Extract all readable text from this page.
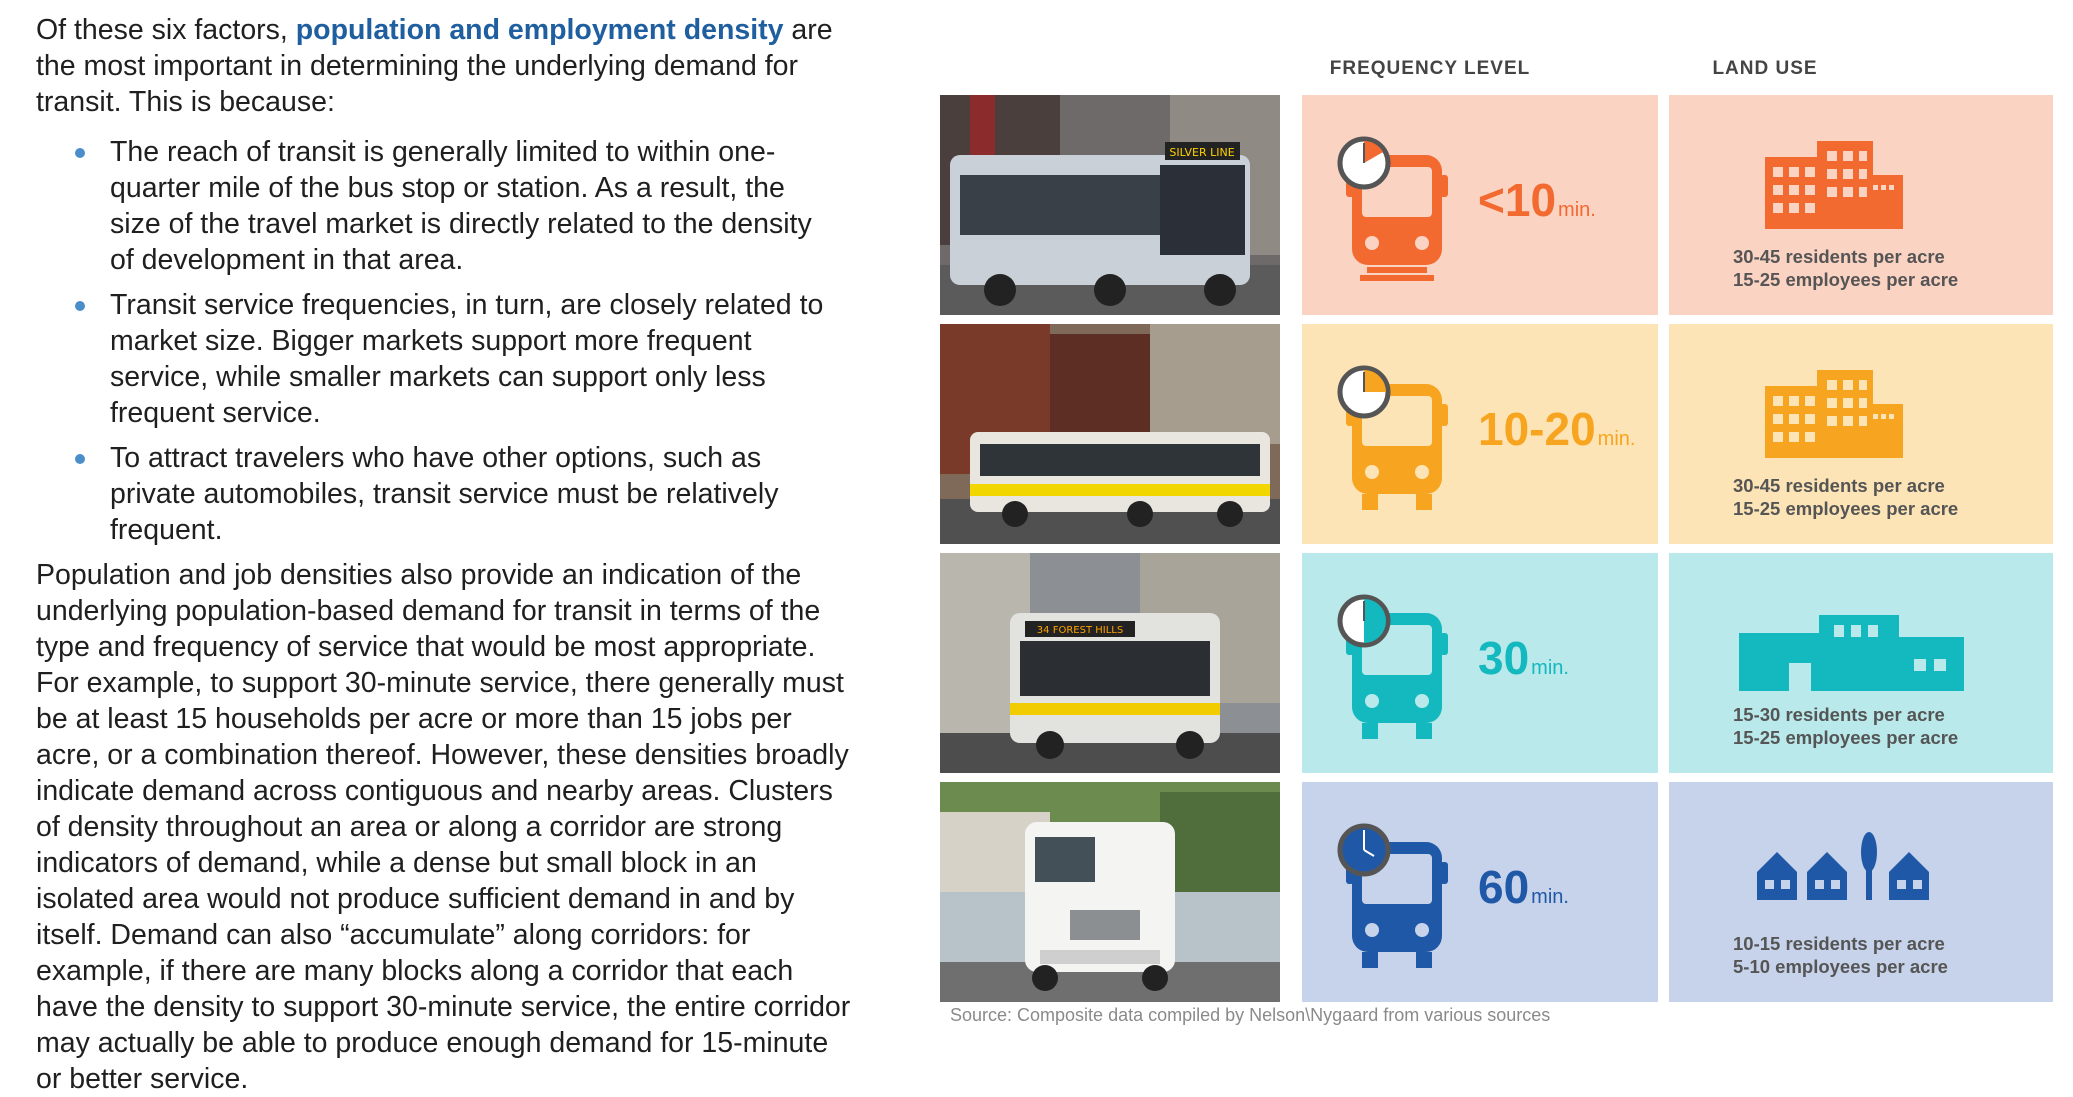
Of these six factors, population and employment density are the most important in determining the underlying demand for transit. This is because:

The reach of transit is generally limited to within one-quarter mile of the bus stop or station. As a result, the size of the travel market is directly related to the density of development in that area.
Transit service frequencies, in turn, are closely related to market size. Bigger markets support more frequent service, while smaller markets can support only less frequent service.
To attract travelers who have other options, such as private automobiles, transit service must be relatively frequent.

Population and job densities also provide an indication of the underlying population-based demand for transit in terms of the type and frequency of service that would be most appropriate. For example, to support 30-minute service, there generally must be at least 15 households per acre or more than 15 jobs per acre, or a combination thereof. However, these densities broadly indicate demand across contiguous and nearby areas. Clusters of density throughout an area or along a corridor are strong indicators of demand, while a dense but small block in an isolated area would not produce sufficient demand in and by itself. Demand can also “accumulate” along corridors: for example, if there are many blocks along a corridor that each have the density to support 30-minute service, the entire corridor may actually be able to produce enough demand for 15-minute or better service.

FREQUENCY LEVEL	LAND USE
SILVER LINE
<10 min.
30-45 residents per acre
15-25 employees per acre
10-20 min.
30-45 residents per acre
15-25 employees per acre
34 FOREST HILLS
30 min.
15-30 residents per acre
15-25 employees per acre
60 min.
10-15 residents per acre
5-10 employees per acre
Source: Composite data compiled by Nelson\Nygaard from various sources
